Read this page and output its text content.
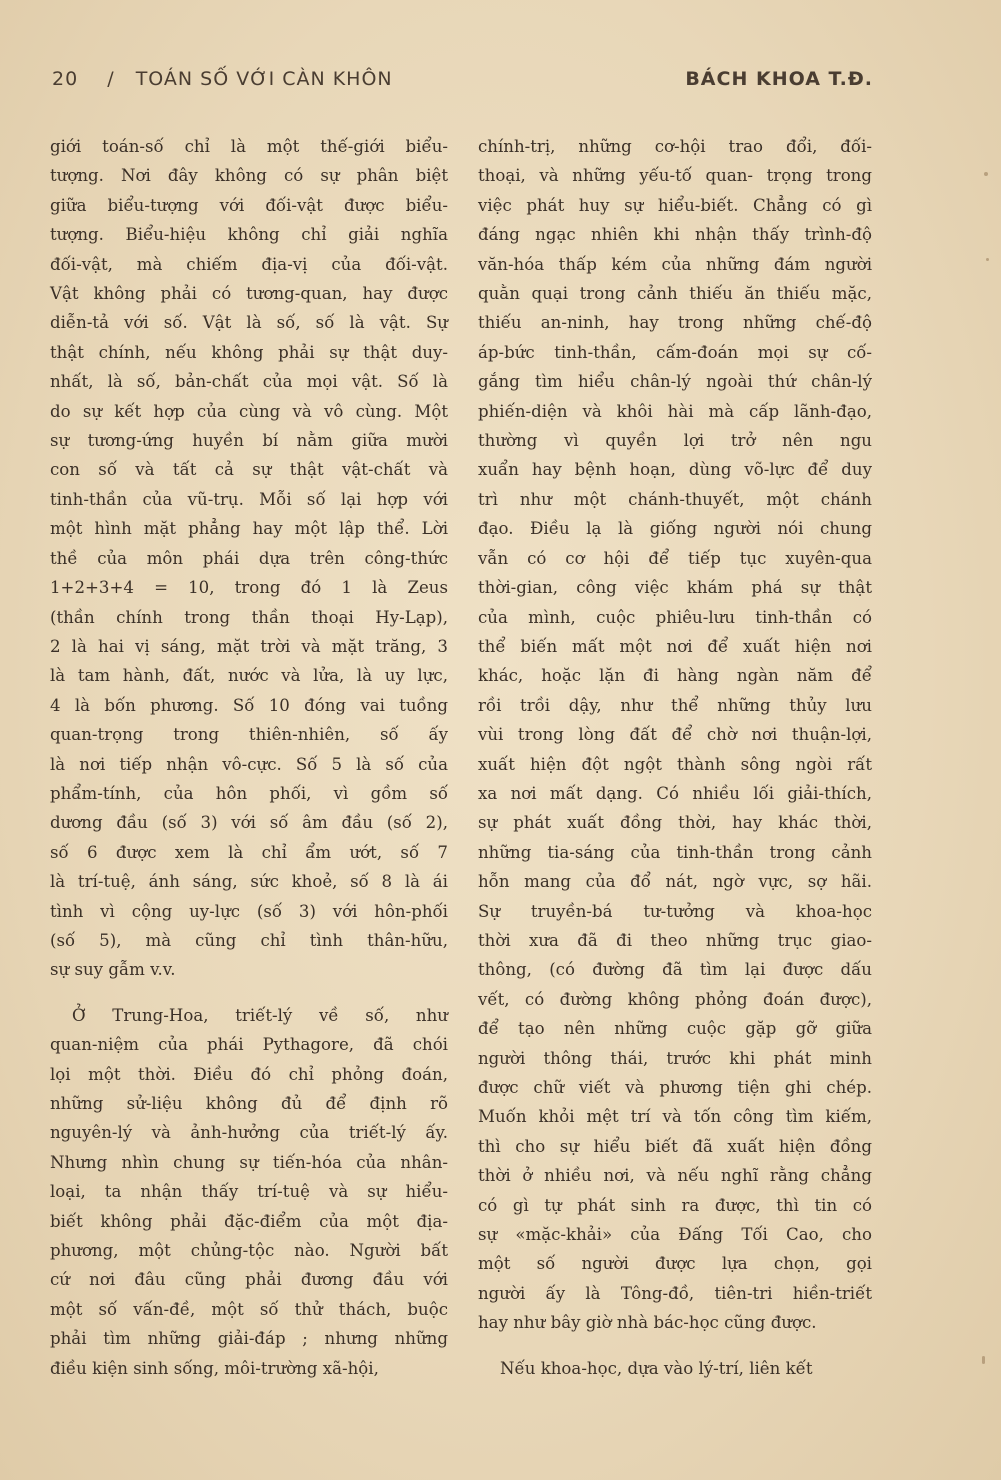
20 / TOÁN SỐ VỚI CÀN KHÔN	BÁCH KHOA T.Đ.

giới toán-số chỉ là một thế-giới biểu-
tượng. Nơi đây không có sự phân biệt
giữa biểu-tượng với đối-vật được biểu-
tượng. Biểu-hiệu không chỉ giải nghĩa
đối-vật, mà chiếm địa-vị của đối-vật.
Vật không phải có tương-quan, hay được
diễn-tả với số. Vật là số, số là vật. Sự
thật chính, nếu không phải sự thật duy-
nhất, là số, bản-chất của mọi vật. Số là
do sự kết hợp của cùng và vô cùng. Một
sự tương-ứng huyền bí nằm giữa mười
con số và tất cả sự thật vật-chất và
tinh-thần của vũ-trụ. Mỗi số lại hợp với
một hình mặt phẳng hay một lập thể. Lời
thề của môn phái dựa trên công-thức
1+2+3+4 = 10, trong đó 1 là Zeus
(thần chính trong thần thoại Hy-Lạp),
2 là hai vị sáng, mặt trời và mặt trăng, 3
là tam hành, đất, nước và lửa, là uy lực,
4 là bốn phương. Số 10 đóng vai tuồng
quan-trọng trong thiên-nhiên, số ấy
là nơi tiếp nhận vô-cực. Số 5 là số của
phẩm-tính, của hôn phối, vì gồm số
dương đầu (số 3) với số âm đầu (số 2),
số 6 được xem là chỉ ẩm ướt, số 7
là trí-tuệ, ánh sáng, sức khoẻ, số 8 là ái
tình vì cộng uy-lực (số 3) với hôn-phối
(số 5), mà cũng chỉ tình thân-hữu,
sự suy gẫm v.v.

Ở Trung-Hoa, triết-lý về số, như
quan-niệm của phái Pythagore, đã chói
lọi một thời. Điều đó chỉ phỏng đoán,
những sử-liệu không đủ để định rõ
nguyên-lý và ảnh-hưởng của triết-lý ấy.
Nhưng nhìn chung sự tiến-hóa của nhân-
loại, ta nhận thấy trí-tuệ và sự hiểu-
biết không phải đặc-điểm của một địa-
phương, một chủng-tộc nào. Người bất
cứ nơi đâu cũng phải đương đầu với
một số vấn-đề, một số thử thách, buộc
phải tìm những giải-đáp ; nhưng những
điều kiện sinh sống, môi-trường xã-hội,

chính-trị, những cơ-hội trao đổi, đối-
thoại, và những yếu-tố quan- trọng trong
việc phát huy sự hiểu-biết. Chẳng có gì
đáng ngạc nhiên khi nhận thấy trình-độ
văn-hóa thấp kém của những đám người
quằn quại trong cảnh thiếu ăn thiếu mặc,
thiếu an-ninh, hay trong những chế-độ
áp-bức tinh-thần, cấm-đoán mọi sự cố-
gắng tìm hiểu chân-lý ngoài thứ chân-lý
phiến-diện và khôi hài mà cấp lãnh-đạo,
thường vì quyền lợi trở nên ngu
xuẩn hay bệnh hoạn, dùng võ-lực để duy
trì như một chánh-thuyết, một chánh
đạo. Điều lạ là giống người nói chung
vẫn có cơ hội để tiếp tục xuyên-qua
thời-gian, công việc khám phá sự thật
của mình, cuộc phiêu-lưu tinh-thần có
thể biến mất một nơi để xuất hiện nơi
khác, hoặc lặn đi hàng ngàn năm để
rồi trồi dậy, như thể những thủy lưu
vùi trong lòng đất để chờ nơi thuận-lợi,
xuất hiện đột ngột thành sông ngòi rất
xa nơi mất dạng. Có nhiều lối giải-thích,
sự phát xuất đồng thời, hay khác thời,
những tia-sáng của tinh-thần trong cảnh
hỗn mang của đổ nát, ngờ vực, sợ hãi.
Sự truyền-bá tư-tưởng và khoa-học
thời xưa đã đi theo những trục giao-
thông, (có đường đã tìm lại được dấu
vết, có đường không phỏng đoán được),
để tạo nên những cuộc gặp gỡ giữa
người thông thái, trước khi phát minh
được chữ viết và phương tiện ghi chép.
Muốn khỏi mệt trí và tốn công tìm kiếm,
thì cho sự hiểu biết đã xuất hiện đồng
thời ở nhiều nơi, và nếu nghĩ rằng chẳng
có gì tự phát sinh ra được, thì tin có
sự «mặc-khải» của Đấng Tối Cao, cho
một số người được lựa chọn, gọi
người ấy là Tông-đồ, tiên-tri hiền-triết
hay như bây giờ nhà bác-học cũng được.

Nếu khoa-học, dựa vào lý-trí, liên kết
